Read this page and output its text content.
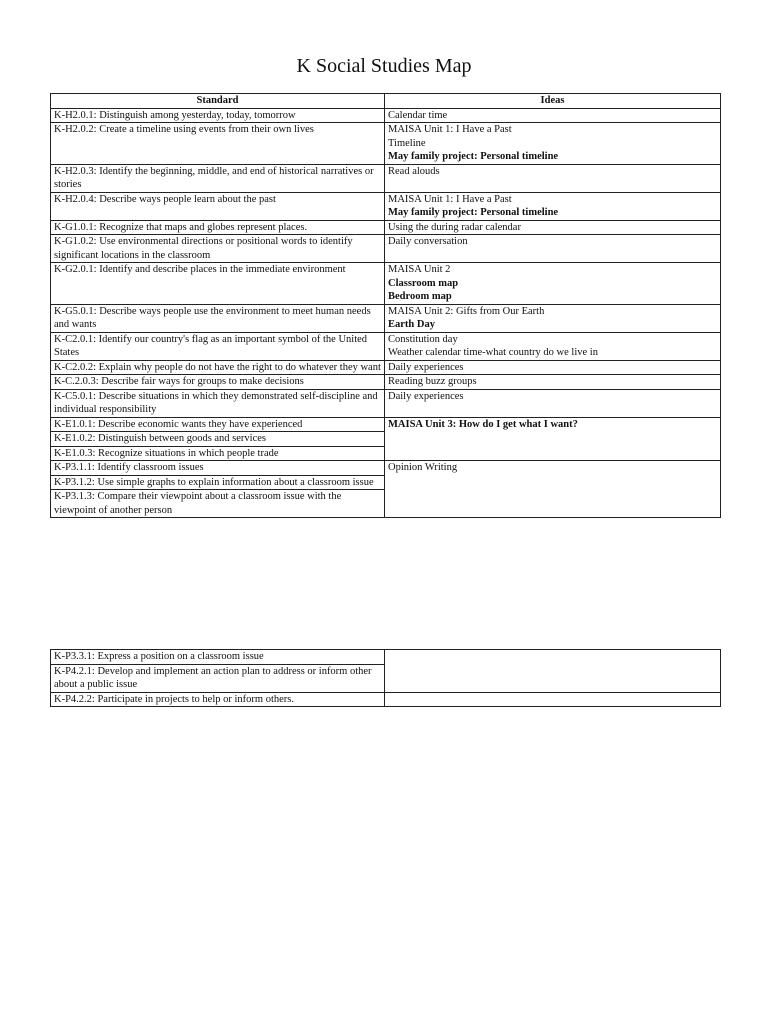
K Social Studies Map
Standard	Ideas
K-H2.0.1: Distinguish among yesterday, today, tomorrow	Calendar time
K-H2.0.2: Create a timeline using events from their own lives	MAISA Unit 1: I Have a Past
Timeline
May family project: Personal timeline

K-H2.0.3: Identify the beginning, middle, and end of historical narratives or stories	Read alouds
K-H2.0.4: Describe ways people learn about the past	MAISA Unit 1: I Have a Past
May family project: Personal timeline

K-G1.0.1: Recognize that maps and globes represent places.	Using the during radar calendar
K-G1.0.2: Use environmental directions or positional words to identify significant locations in the classroom	Daily conversation
K-G2.0.1: Identify and describe places in the immediate environment	MAISA Unit 2
Classroom map
Bedroom map

K-G5.0.1: Describe ways people use the environment to meet human needs and wants	MAISA Unit 2: Gifts from Our Earth
Earth Day

K-C2.0.1: Identify our country's flag as an important symbol of the United States	Constitution day
Weather calendar time-what country do we live in

K-C2.0.2: Explain why people do not have the right to do whatever they want	Daily experiences
K-C.2.0.3: Describe fair ways for groups to make decisions	Reading buzz groups
K-C5.0.1: Describe situations in which they demonstrated self-discipline and individual responsibility	Daily experiences
K-E1.0.1: Describe economic wants they have experienced	MAISA Unit 3: How do I get what I want?

K-E1.0.2: Distinguish between goods and services	
K-E1.0.3: Recognize situations in which people trade	
K-P3.1.1: Identify classroom issues	Opinion Writing
K-P3.1.2: Use simple graphs to explain information about a classroom issue	
K-P3.1.3: Compare their viewpoint about a classroom issue with the viewpoint of another person	
K-P3.3.1: Express a position on a classroom issue	
K-P4.2.1: Develop and implement an action plan to address or inform other about a public issue	
K-P4.2.2: Participate in projects to help or inform others.	
